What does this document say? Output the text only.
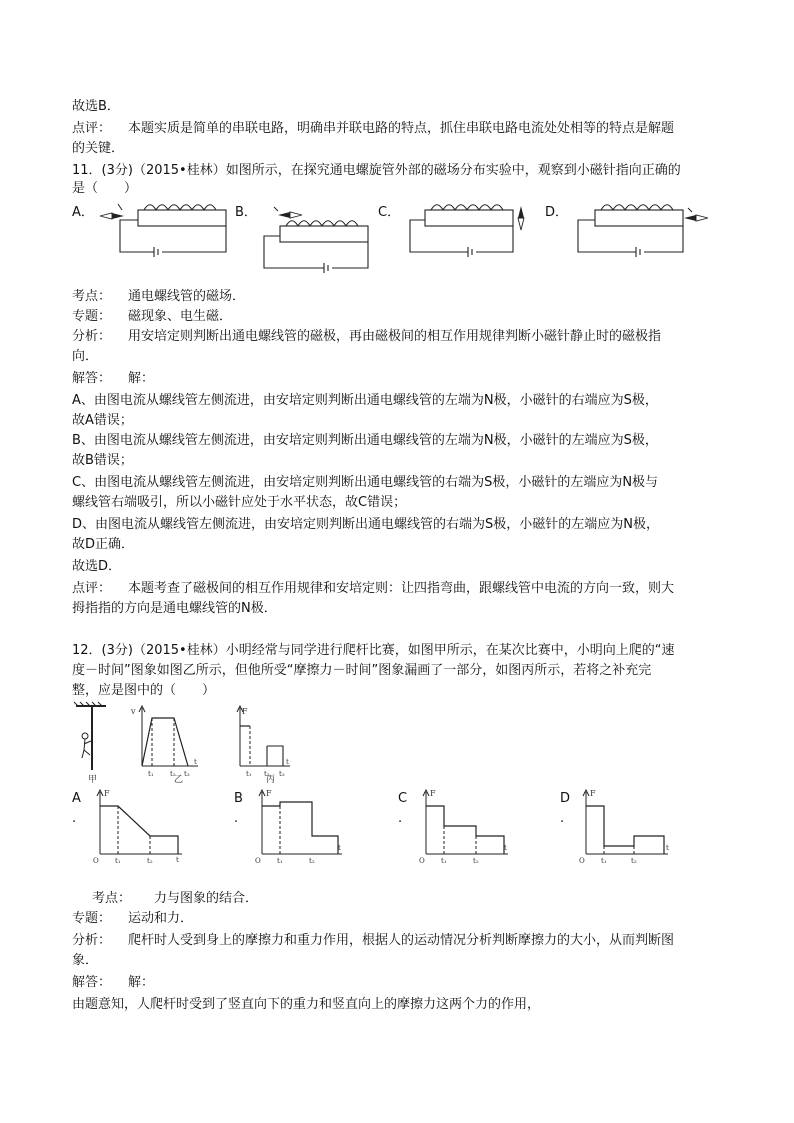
故选B．
点评： 本题实质是简单的串联电路，明确串并联电路的特点，抓住串联电路电流处处相等的特点是解题
的关键．
11．(3分)（2015•桂林）如图所示，在探究通电螺旋管外部的磁场分布实验中，观察到小磁针指向正确的
是（　　）
A．	B．	C．	D．
考点： 通电螺线管的磁场．
专题： 磁现象、电生磁．
分析： 用安培定则判断出通电螺线管的磁极，再由磁极间的相互作用规律判断小磁针静止时的磁极指
向．
解答： 解：
A、由图电流从螺线管左侧流进，由安培定则判断出通电螺线管的左端为N极，小磁针的右端应为S极，
故A错误；
B、由图电流从螺线管左侧流进，由安培定则判断出通电螺线管的左端为N极，小磁针的左端应为S极，
故B错误；
C、由图电流从螺线管左侧流进，由安培定则判断出通电螺线管的右端为S极，小磁针的左端应为N极与
螺线管右端吸引，所以小磁针应处于水平状态，故C错误；
D、由图电流从螺线管左侧流进，由安培定则判断出通电螺线管的右端为S极，小磁针的左端应为N极，
故D正确．
故选D．
点评： 本题考查了磁极间的相互作用规律和安培定则：让四指弯曲，跟螺线管中电流的方向一致，则大
拇指指的方向是通电螺线管的N极．
12．(3分)（2015•桂林）小明经常与同学进行爬杆比赛，如图甲所示，在某次比赛中，小明向上爬的“速
度－时间”图象如图乙所示，但他所受“摩擦力－时间”图象漏画了一部分，如图丙所示，若将之补充完
整，应是图中的（　　）
v
t₁ t₂ t₃
t
F
t₁ t₂ t₃
t
甲	乙	丙
A
.
B
.
C
.
D
.
F
O t₁	t₂	t
F
O t₁	t₂
t
F
O t₁	t₂
t
F
O t₁	t₂
t
考点： 力与图象的结合．
专题： 运动和力．
分析： 爬杆时人受到身上的摩擦力和重力作用，根据人的运动情况分析判断摩擦力的大小，从而判断图
象．
解答： 解：
由题意知，人爬杆时受到了竖直向下的重力和竖直向上的摩擦力这两个力的作用，
